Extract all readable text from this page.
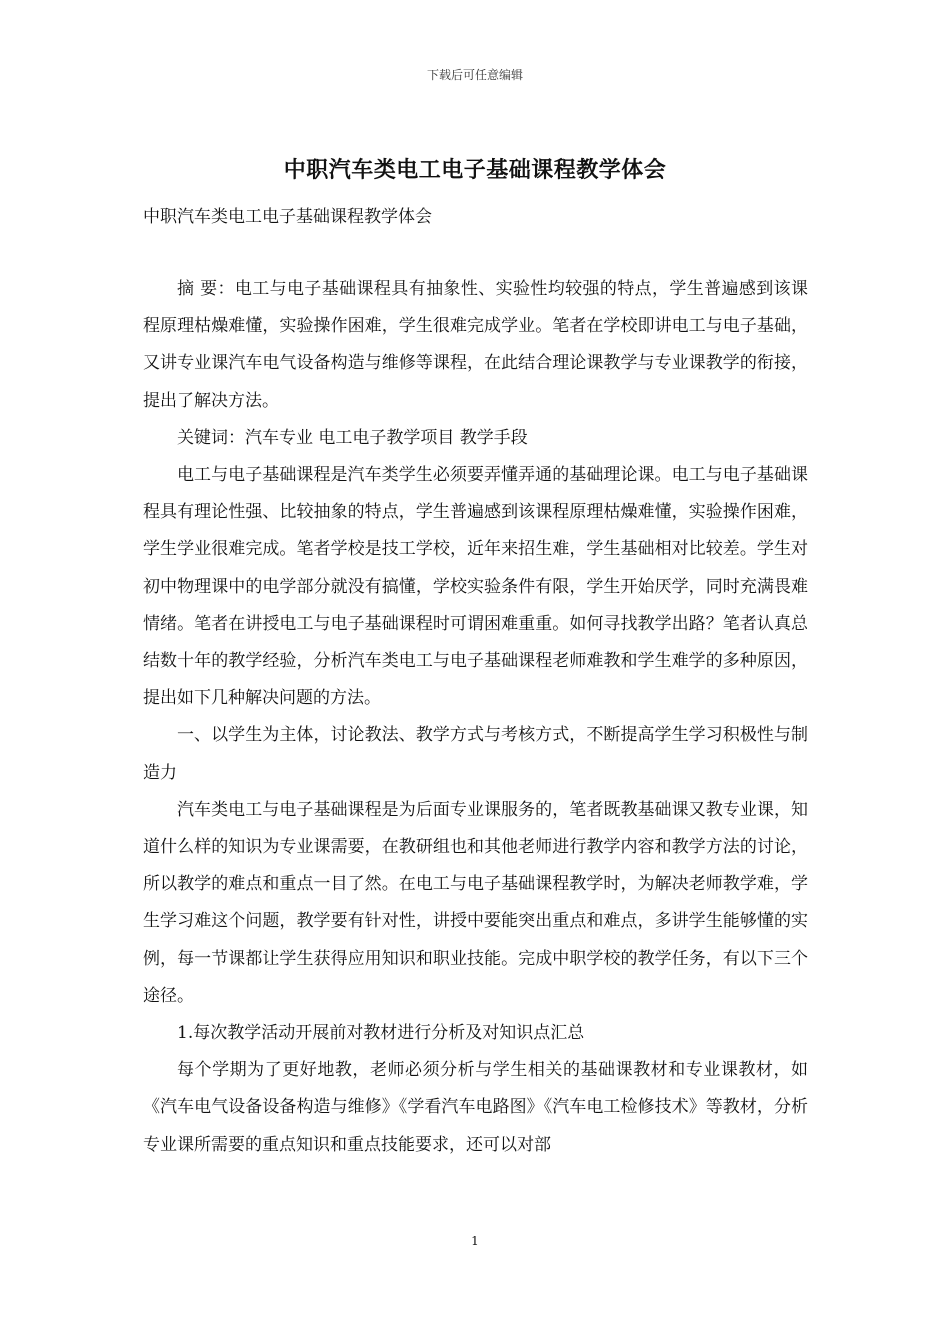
下载后可任意编辑
中职汽车类电工电子基础课程教学体会
中职汽车类电工电子基础课程教学体会

摘 要：电工与电子基础课程具有抽象性、实验性均较强的特点，学生普遍感到该课程原理枯燥难懂，实验操作困难，学生很难完成学业。笔者在学校即讲电工与电子基础，又讲专业课汽车电气设备构造与维修等课程，在此结合理论课教学与专业课教学的衔接，提出了解决方法。

关键词：汽车专业 电工电子教学项目 教学手段

电工与电子基础课程是汽车类学生必须要弄懂弄通的基础理论课。电工与电子基础课程具有理论性强、比较抽象的特点，学生普遍感到该课程原理枯燥难懂，实验操作困难，学生学业很难完成。笔者学校是技工学校，近年来招生难，学生基础相对比较差。学生对初中物理课中的电学部分就没有搞懂，学校实验条件有限，学生开始厌学，同时充满畏难情绪。笔者在讲授电工与电子基础课程时可谓困难重重。如何寻找教学出路？笔者认真总结数十年的教学经验，分析汽车类电工与电子基础课程老师难教和学生难学的多种原因，提出如下几种解决问题的方法。

一、以学生为主体，讨论教法、教学方式与考核方式，不断提高学生学习积极性与制造力

汽车类电工与电子基础课程是为后面专业课服务的，笔者既教基础课又教专业课，知道什么样的知识为专业课需要，在教研组也和其他老师进行教学内容和教学方法的讨论，所以教学的难点和重点一目了然。在电工与电子基础课程教学时，为解决老师教学难，学生学习难这个问题，教学要有针对性，讲授中要能突出重点和难点，多讲学生能够懂的实例，每一节课都让学生获得应用知识和职业技能。完成中职学校的教学任务，有以下三个途径。

1.每次教学活动开展前对教材进行分析及对知识点汇总

每个学期为了更好地教，老师必须分析与学生相关的基础课教材和专业课教材，如《汽车电气设备设备构造与维修》《学看汽车电路图》《汽车电工检修技术》等教材，分析专业课所需要的重点知识和重点技能要求，还可以对部

1
